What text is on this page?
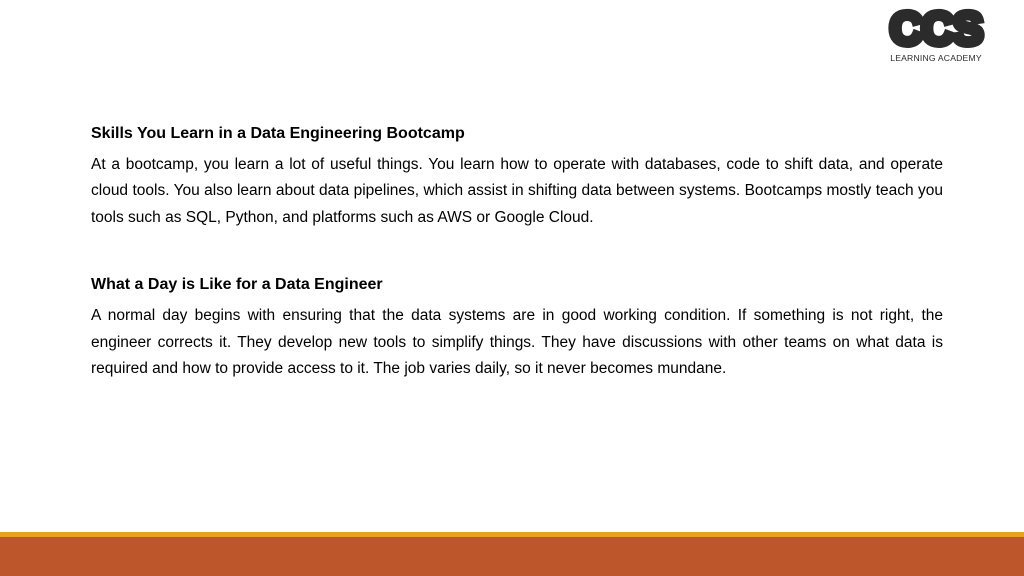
CCS
LEARNING ACADEMY
Skills You Learn in a Data Engineering Bootcamp

At a bootcamp, you learn a lot of useful things. You learn how to operate with databases, code to shift data, and operate cloud tools. You also learn about data pipelines, which assist in shifting data between systems. Bootcamps mostly teach you tools such as SQL, Python, and platforms such as AWS or Google Cloud.

What a Day is Like for a Data Engineer

A normal day begins with ensuring that the data systems are in good working condition. If something is not right, the engineer corrects it. They develop new tools to simplify things. They have discussions with other teams on what data is required and how to provide access to it. The job varies daily, so it never becomes mundane.
